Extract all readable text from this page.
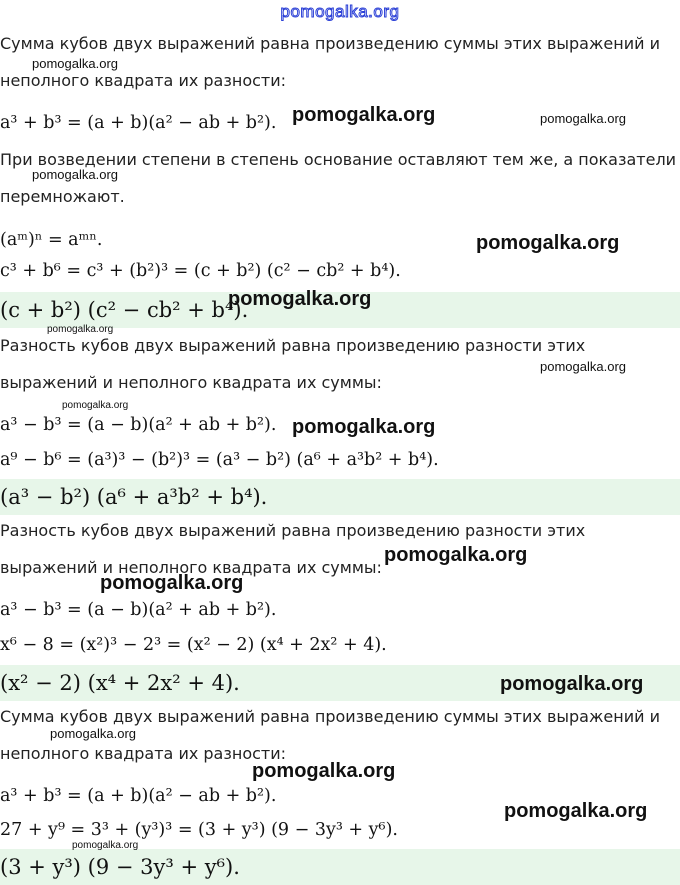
pomogalka.org
Сумма кубов двух выражений равна произведению суммы этих выражений и
неполного квадрата их разности:
a³ + b³ = (a + b)(a² − ab + b²).
При возведении степени в степень основание оставляют тем же, а показатели
перемножают.
(aᵐ)ⁿ = aᵐⁿ.
c³ + b⁶ = c³ + (b²)³ = (c + b²) (c² − cb² + b⁴).
(c + b²) (c² − cb² + b⁴).
Разность кубов двух выражений равна произведению разности этих
выражений и неполного квадрата их суммы:
a³ − b³ = (a − b)(a² + ab + b²).
a⁹ − b⁶ = (a³)³ − (b²)³ = (a³ − b²) (a⁶ + a³b² + b⁴).
(a³ − b²) (a⁶ + a³b² + b⁴).
Разность кубов двух выражений равна произведению разности этих
выражений и неполного квадрата их суммы:
a³ − b³ = (a − b)(a² + ab + b²).
x⁶ − 8 = (x²)³ − 2³ = (x² − 2) (x⁴ + 2x² + 4).
(x² − 2) (x⁴ + 2x² + 4).
Сумма кубов двух выражений равна произведению суммы этих выражений и
неполного квадрата их разности:
a³ + b³ = (a + b)(a² − ab + b²).
27 + y⁹ = 3³ + (y³)³ = (3 + y³) (9 − 3y³ + y⁶).
(3 + y³) (9 − 3y³ + y⁶).
pomogalka.org
pomogalka.org	pomogalka.org
pomogalka.org
pomogalka.org
pomogalka.org
pomogalka.org
pomogalka.org
pomogalka.org
pomogalka.org
pomogalka.org
pomogalka.org
pomogalka.org
pomogalka.org
pomogalka.org
pomogalka.org
pomogalka.org
